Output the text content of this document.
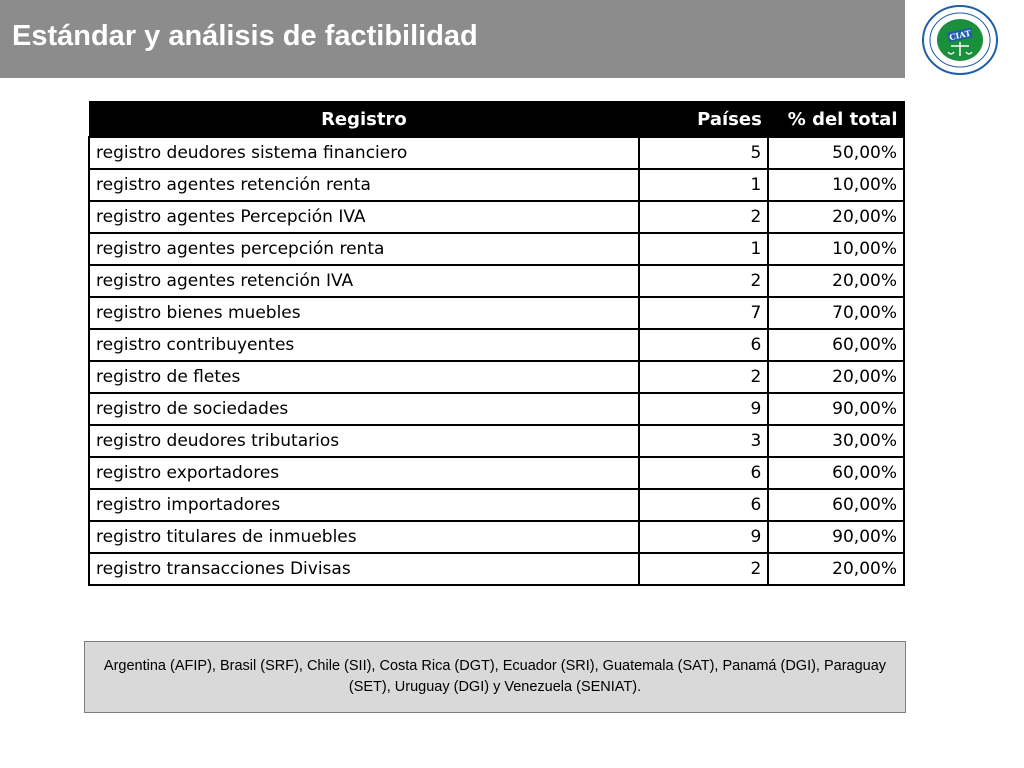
Estándar y análisis de factibilidad	CIAT
Registro	Países	% del total
registro deudores sistema financiero	5	50,00%
registro agentes retención renta	1	10,00%
registro agentes Percepción IVA	2	20,00%
registro agentes percepción renta	1	10,00%
registro agentes retención IVA	2	20,00%
registro bienes muebles	7	70,00%
registro contribuyentes	6	60,00%
registro de fletes	2	20,00%
registro de sociedades	9	90,00%
registro deudores tributarios	3	30,00%
registro exportadores	6	60,00%
registro importadores	6	60,00%
registro titulares de inmuebles	9	90,00%
registro transacciones Divisas	2	20,00%
Argentina (AFIP), Brasil (SRF), Chile (SII), Costa Rica (DGT), Ecuador (SRI), Guatemala (SAT), Panamá (DGI), Paraguay (SET), Uruguay (DGI) y Venezuela (SENIAT).
